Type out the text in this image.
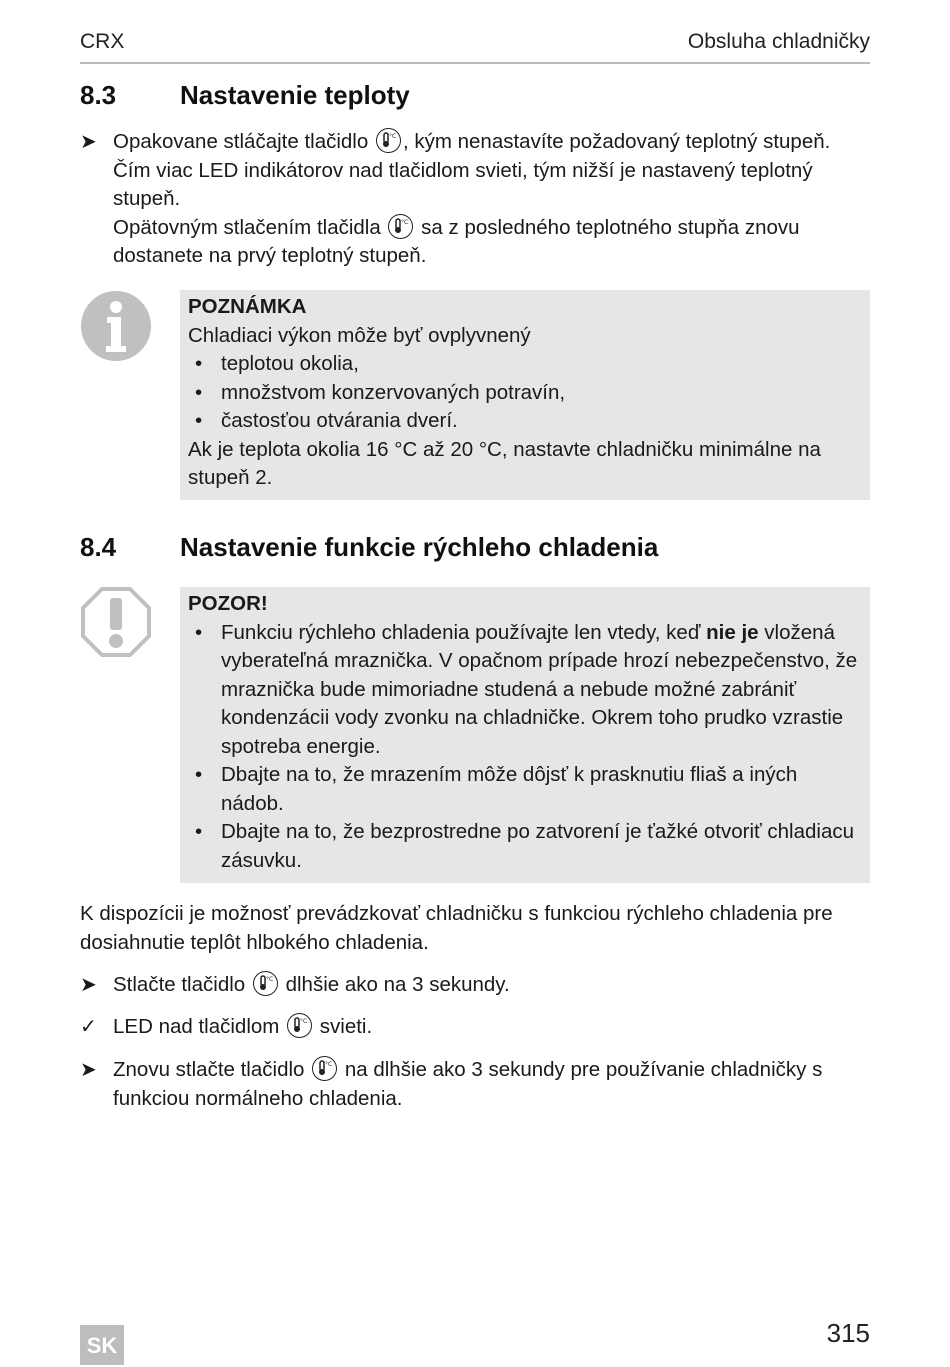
CRX	Obsluha chladničky
8.3 Nastavenie teploty
➤ Opakovane stláčajte tlačidlo	°C , kým nenastavíte požadovaný teplotný stupeň.

Čím viac LED indikátorov nad tlačidlom svieti, tým nižší je nastavený teplotný stupeň.

Opätovným stlačením tlačidla	°C sa z posledného teplotného stupňa znovu dostanete na prvý teplotný stupeň.

POZNÁMKA
Chladiaci výkon môže byť ovplyvnený
• teplotou okolia,
• množstvom konzervovaných potravín,
• častosťou otvárania dverí.
Ak je teplota okolia 16 °C až 20 °C, nastavte chladničku minimálne na stupeň 2.
8.4 Nastavenie funkcie rýchleho chladenia
POZOR!
• Funkciu rýchleho chladenia používajte len vtedy, keď nie je vložená vyberateľná mraznička. V opačnom prípade hrozí nebezpečenstvo, že mraznička bude mimoriadne studená a nebude možné zabrániť kondenzácii vody zvonku na chladničke. Okrem toho prudko vzrastie spotreba energie.
• Dbajte na to, že mrazením môže dôjsť k prasknutiu fliaš a iných nádob.
• Dbajte na to, že bezprostredne po zatvorení je ťažké otvoriť chladiacu zásuvku.
K dispozícii je možnosť prevádzkovať chladničku s funkciou rýchleho chladenia pre dosiahnutie teplôt hlbokého chladenia.
➤ Stlačte tlačidlo	°C dlhšie ako na 3 sekundy.
✓ LED nad tlačidlom	°C svieti.
➤ Znovu stlačte tlačidlo	°C na dlhšie ako 3 sekundy pre používanie chladničky s funkciou normálneho chladenia.
SK	315
